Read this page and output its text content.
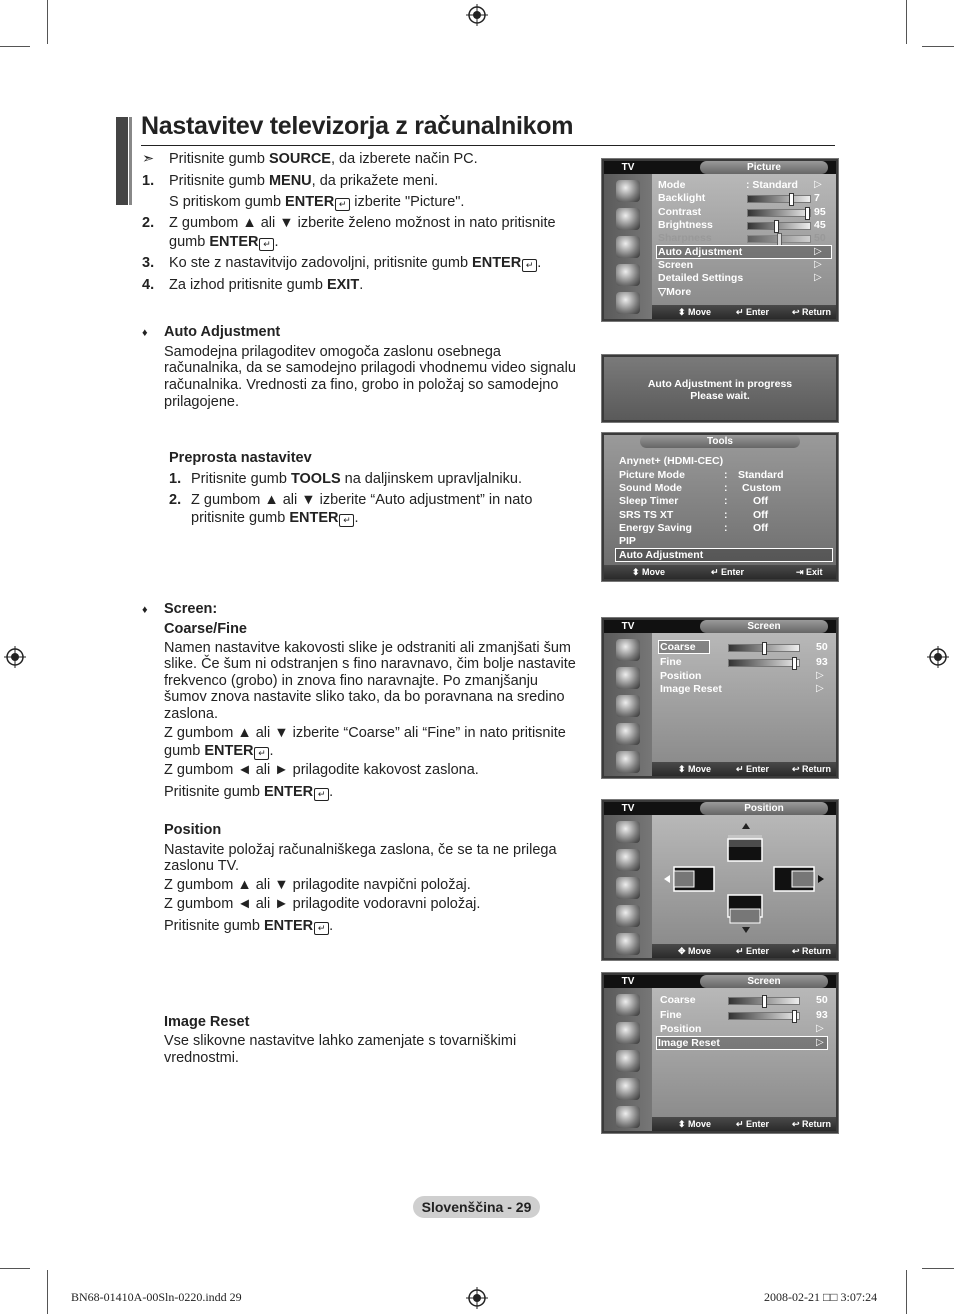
Nastavitev televizorja z računalnikom
➣ Pritisnite gumb SOURCE, da izberete način PC.
1. Pritisnite gumb MENU, da prikažete meni.
S pritiskom gumb ENTER ↵ izberite "Picture".
2. Z gumbom ▲ ali ▼ izberite želeno možnost in nato pritisnite
gumb ENTER ↵ .
3. Ko ste z nastavitvijo zadovoljni, pritisnite gumb ENTER ↵ .
4. Za izhod pritisnite gumb EXIT.
♦ Auto Adjustment
Samodejna prilagoditev omogoča zaslonu osebnega
računalnika, da se samodejno prilagodi vhodnemu video signalu
računalnika. Vrednosti za fino, grobo in položaj so samodejno
prilagojene.
Preprosta nastavitev
1. Pritisnite gumb TOOLS na daljinskem upravljalniku.
2. Z gumbom ▲ ali ▼ izberite “Auto adjustment” in nato
pritisnite gumb ENTER ↵ .
♦ Screen:
Coarse/Fine
Namen nastavitve kakovosti slike je odstraniti ali zmanjšati šum
slike. Če šum ni odstranjen s fino naravnavo, čim bolje nastavite
frekvenco (grobo) in znova fino naravnajte. Po zmanjšanju
šumov znova nastavite sliko tako, da bo poravnana na sredino
zaslona.
Z gumbom ▲ ali ▼ izberite “Coarse” ali “Fine” in nato pritisnite
gumb ENTER ↵ .
Z gumbom ◄ ali ► prilagodite kakovost zaslona.
Pritisnite gumb ENTER ↵ .
Position
Nastavite položaj računalniškega zaslona, če se ta ne prilega
zaslonu TV.
Z gumbom ▲ ali ▼ prilagodite navpični položaj.
Z gumbom ◄ ali ► prilagodite vodoravni položaj.
Pritisnite gumb ENTER ↵ .
Image Reset
Vse slikovne nastavitve lahko zamenjate s tovarniškimi
vrednostmi.
TV	Picture
Mode	: Standard ▷
Backlight	7
Contrast	95
Brightness	45
Sharpness	50
Auto Adjustment	▷
Screen	▷
Detailed Settings	▷
▽More
⬍ Move	↵ Enter	↩ Return
Auto Adjustment in progress
Please wait.
Tools
Anynet+ (HDMI-CEC)
Picture Mode	: Standard
Sound Mode	: Custom
Sleep Timer	: Off
SRS TS XT	: Off
Energy Saving	: Off
PIP
Auto Adjustment
⬍ Move	↵ Enter	⇥ Exit
TV	Screen
Coarse	50
Fine	93
Position	▷
Image Reset	▷
⬍ Move	↵ Enter	↩ Return
TV	Position
✥ Move	↵ Enter	↩ Return
TV	Screen
Coarse	50
Fine	93
Position	▷
Image Reset	▷
⬍ Move	↵ Enter	↩ Return
Slovenščina - 29
BN68-01410A-00Sln-0220.indd 29	2008-02-21 □□ 3:07:24
